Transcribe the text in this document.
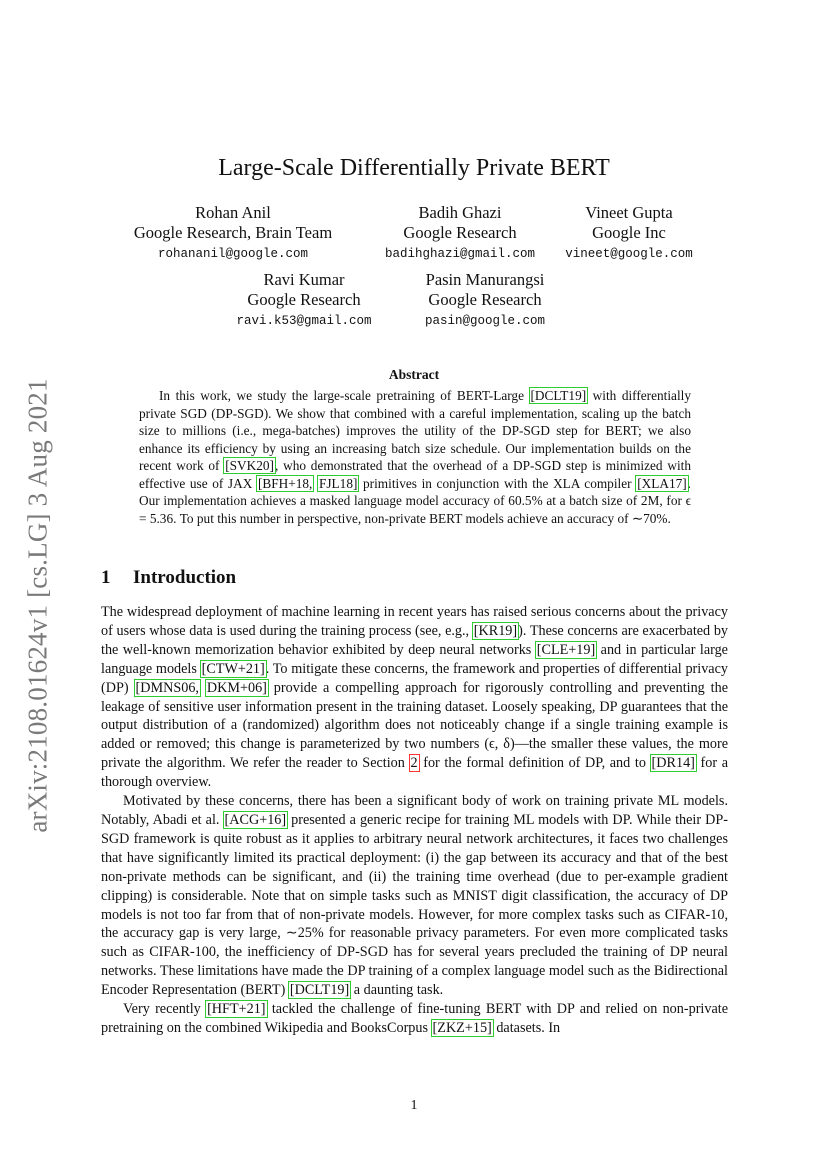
arXiv:2108.01624v1 [cs.LG] 3 Aug 2021
Large-Scale Differentially Private BERT
Rohan Anil
Google Research, Brain Team
rohananil@google.com
Badih Ghazi
Google Research
badihghazi@gmail.com
Vineet Gupta
Google Inc
vineet@google.com
Ravi Kumar
Google Research
ravi.k53@gmail.com
Pasin Manurangsi
Google Research
pasin@google.com
Abstract

In this work, we study the large-scale pretraining of BERT-Large [DCLT19] with differentially private SGD (DP-SGD). We show that combined with a careful implementation, scaling up the batch size to millions (i.e., mega-batches) improves the utility of the DP-SGD step for BERT; we also enhance its efficiency by using an increasing batch size schedule. Our implementation builds on the recent work of [SVK20], who demonstrated that the overhead of a DP-SGD step is minimized with effective use of JAX [BFH+18, FJL18] primitives in conjunction with the XLA compiler [XLA17]. Our implementation achieves a masked language model accuracy of 60.5% at a batch size of 2M, for ϵ = 5.36. To put this number in perspective, non-private BERT models achieve an accuracy of ∼70%.

1 Introduction

The widespread deployment of machine learning in recent years has raised serious concerns about the privacy of users whose data is used during the training process (see, e.g., [KR19]). These concerns are exacerbated by the well-known memorization behavior exhibited by deep neural networks [CLE+19] and in particular large language models [CTW+21]. To mitigate these concerns, the framework and properties of differential privacy (DP) [DMNS06, DKM+06] provide a compelling approach for rigorously controlling and preventing the leakage of sensitive user information present in the training dataset. Loosely speaking, DP guarantees that the output distribution of a (randomized) algorithm does not noticeably change if a single training example is added or removed; this change is parameterized by two numbers (ϵ, δ)—the smaller these values, the more private the algorithm. We refer the reader to Section 2 for the formal definition of DP, and to [DR14] for a thorough overview.

Motivated by these concerns, there has been a significant body of work on training private ML models. Notably, Abadi et al. [ACG+16] presented a generic recipe for training ML models with DP. While their DP-SGD framework is quite robust as it applies to arbitrary neural network architectures, it faces two challenges that have significantly limited its practical deployment: (i) the gap between its accuracy and that of the best non-private methods can be significant, and (ii) the training time overhead (due to per-example gradient clipping) is considerable. Note that on simple tasks such as MNIST digit classification, the accuracy of DP models is not too far from that of non-private models. However, for more complex tasks such as CIFAR-10, the accuracy gap is very large, ∼25% for reasonable privacy parameters. For even more complicated tasks such as CIFAR-100, the inefficiency of DP-SGD has for several years precluded the training of DP neural networks. These limitations have made the DP training of a complex language model such as the Bidirectional Encoder Representation (BERT) [DCLT19] a daunting task.

Very recently [HFT+21] tackled the challenge of fine-tuning BERT with DP and relied on non-private pretraining on the combined Wikipedia and BooksCorpus [ZKZ+15] datasets. In

1
